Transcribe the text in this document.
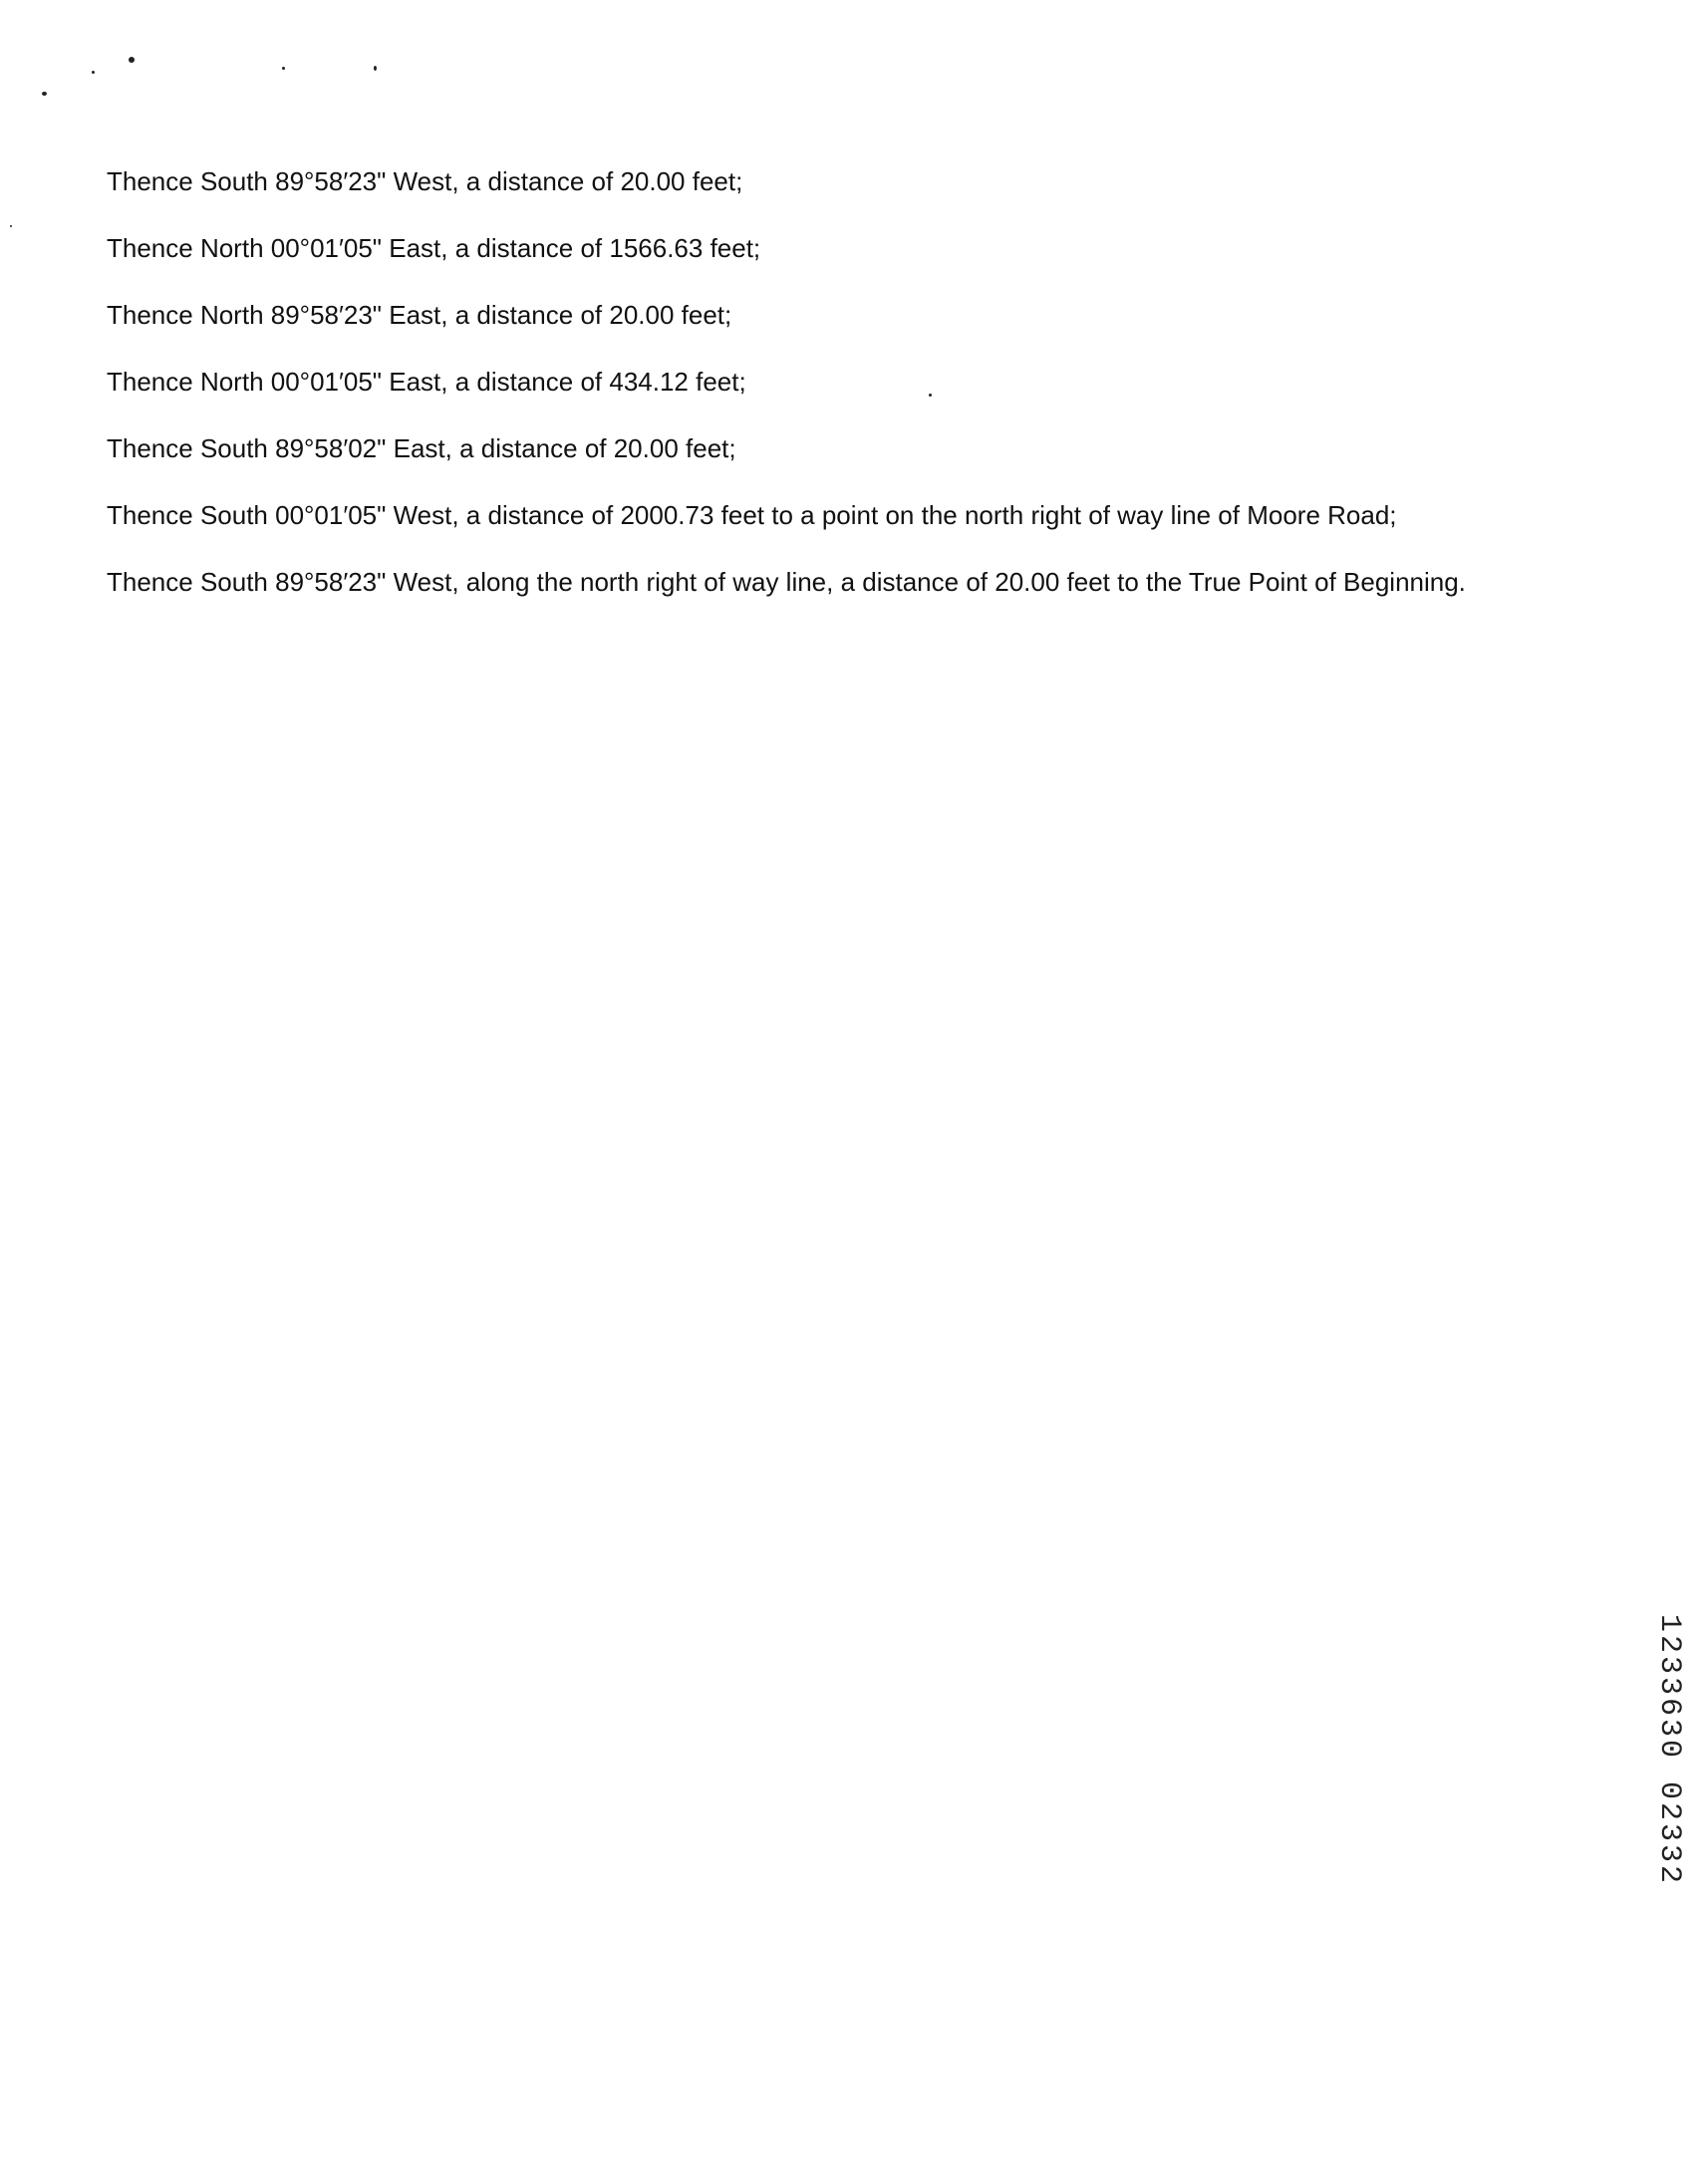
Thence South 89°58′23" West, a distance of 20.00 feet;

Thence North 00°01′05" East, a distance of 1566.63 feet;

Thence North 89°58′23" East, a distance of 20.00 feet;

Thence North 00°01′05" East, a distance of 434.12 feet;

Thence South 89°58′02" East, a distance of 20.00 feet;

Thence South 00°01′05" West, a distance of 2000.73 feet to a point on the north right of way line of Moore Road;

Thence South 89°58′23" West, along the north right of way line, a distance of 20.00 feet to the True Point of Beginning.

1233630 02332
